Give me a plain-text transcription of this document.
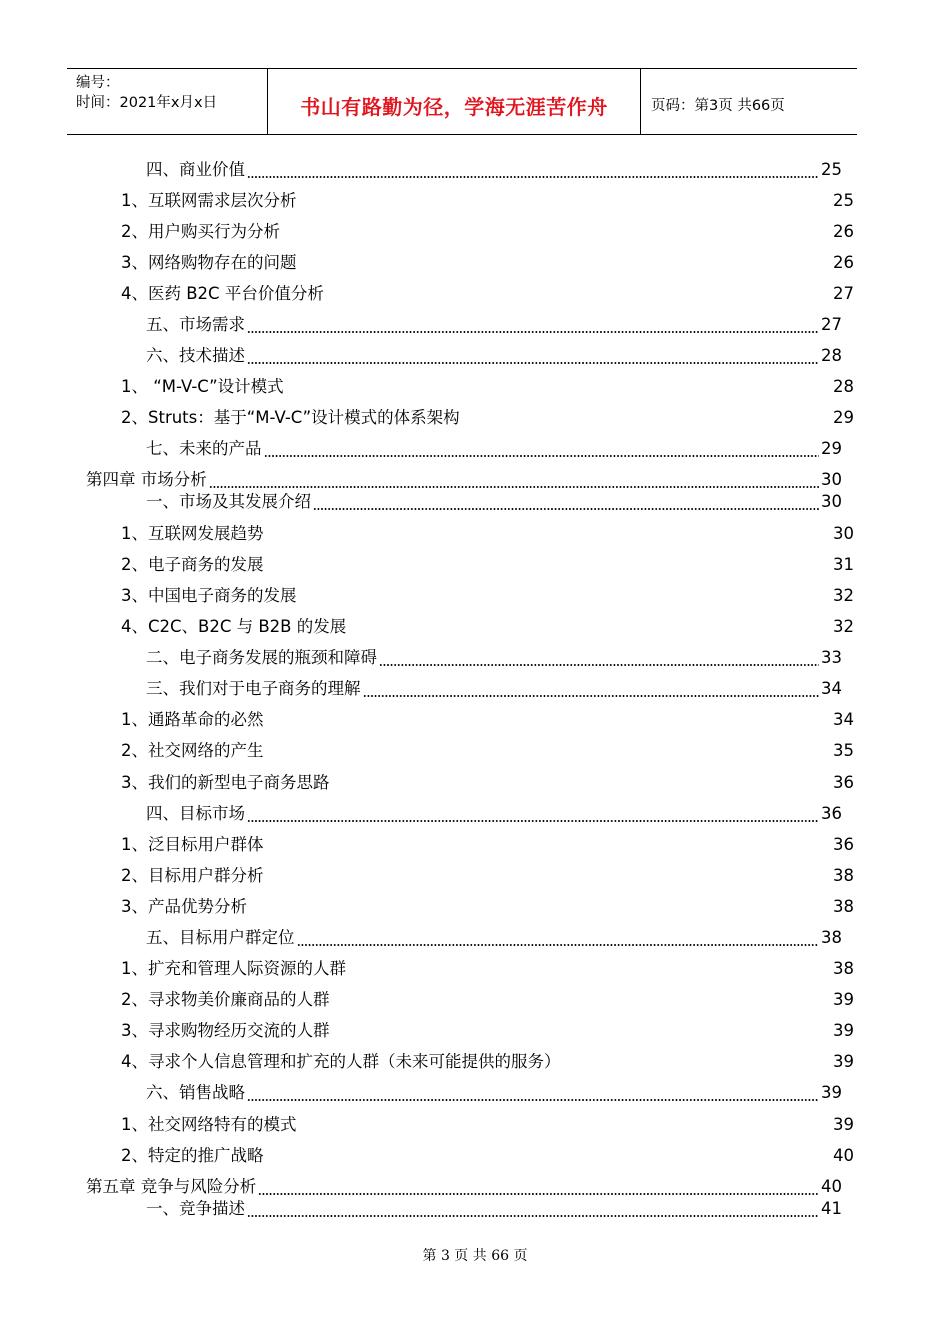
编号：
时间：2021年x月x日	书山有路勤为径，学海无涯苦作舟	页码：第3页 共66页
四、商业价值	25
1、互联网需求层次分析	25
2、用户购买行为分析	26
3、网络购物存在的问题	26
4、医药 B2C 平台价值分析	27
五、市场需求	27
六、技术描述	28
1、 “M-V-C”设计模式	28
2、Struts：基于“M-V-C”设计模式的体系架构	29
七、未来的产品	29
第四章 市场分析	30
一、市场及其发展介绍	30
1、互联网发展趋势	30
2、电子商务的发展	31
3、中国电子商务的发展	32
4、C2C、B2C 与 B2B 的发展	32
二、电子商务发展的瓶颈和障碍	33
三、我们对于电子商务的理解	34
1、通路革命的必然	34
2、社交网络的产生	35
3、我们的新型电子商务思路	36
四、目标市场	36
1、泛目标用户群体	36
2、目标用户群分析	38
3、产品优势分析	38
五、目标用户群定位	38
1、扩充和管理人际资源的人群	38
2、寻求物美价廉商品的人群	39
3、寻求购物经历交流的人群	39
4、寻求个人信息管理和扩充的人群（未来可能提供的服务）	39
六、销售战略	39
1、社交网络特有的模式	39
2、特定的推广战略	40
第五章 竞争与风险分析	40
一、竞争描述	41
第 3 页 共 66 页
